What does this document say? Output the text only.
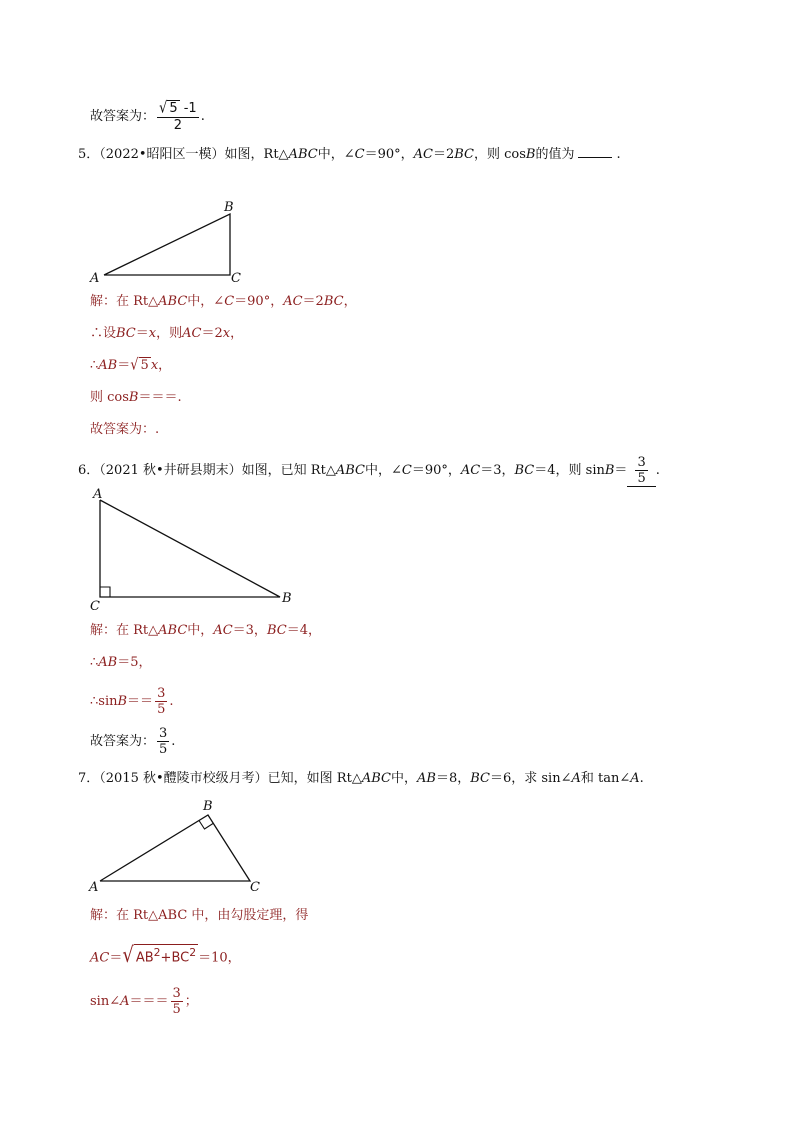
故答案为： $\frac{√ 5 -1}{2}$ .
5．（2022•昭阳区一模）如图，Rt△ABC中，∠C＝90°，AC＝2BC，则 cosB的值为	.
B
A	C
解：在 Rt△ABC中，∠C＝90°，AC＝2BC，
∴设BC＝x，则AC＝2x，
∴AB＝√ 5 x，
则 cosB＝＝＝.
故答案为：.
6．（2021 秋•井研县期末）如图，已知 Rt△ABC中，∠C＝90°，AC＝3，BC＝4，则 $\sin B= \frac{3}{5}$ .
A
C
B
解：在 Rt△ABC中，AC＝3，BC＝4，
∴AB＝5，
∴sinB＝＝ $\frac{3}{5}$ .
故答案为： $\frac{3}{5}$ .
7．（2015 秋•醴陵市校级月考）已知，如图 Rt△ABC中，AB＝8，BC＝6，求 sin∠A和 tan∠A.
B
A	C
解：在 Rt△ABC 中，由勾股定理，得
AC＝√ $AB^2+BC^2 =10$，
sin∠A＝＝＝ $\frac{3}{5}$ ；
